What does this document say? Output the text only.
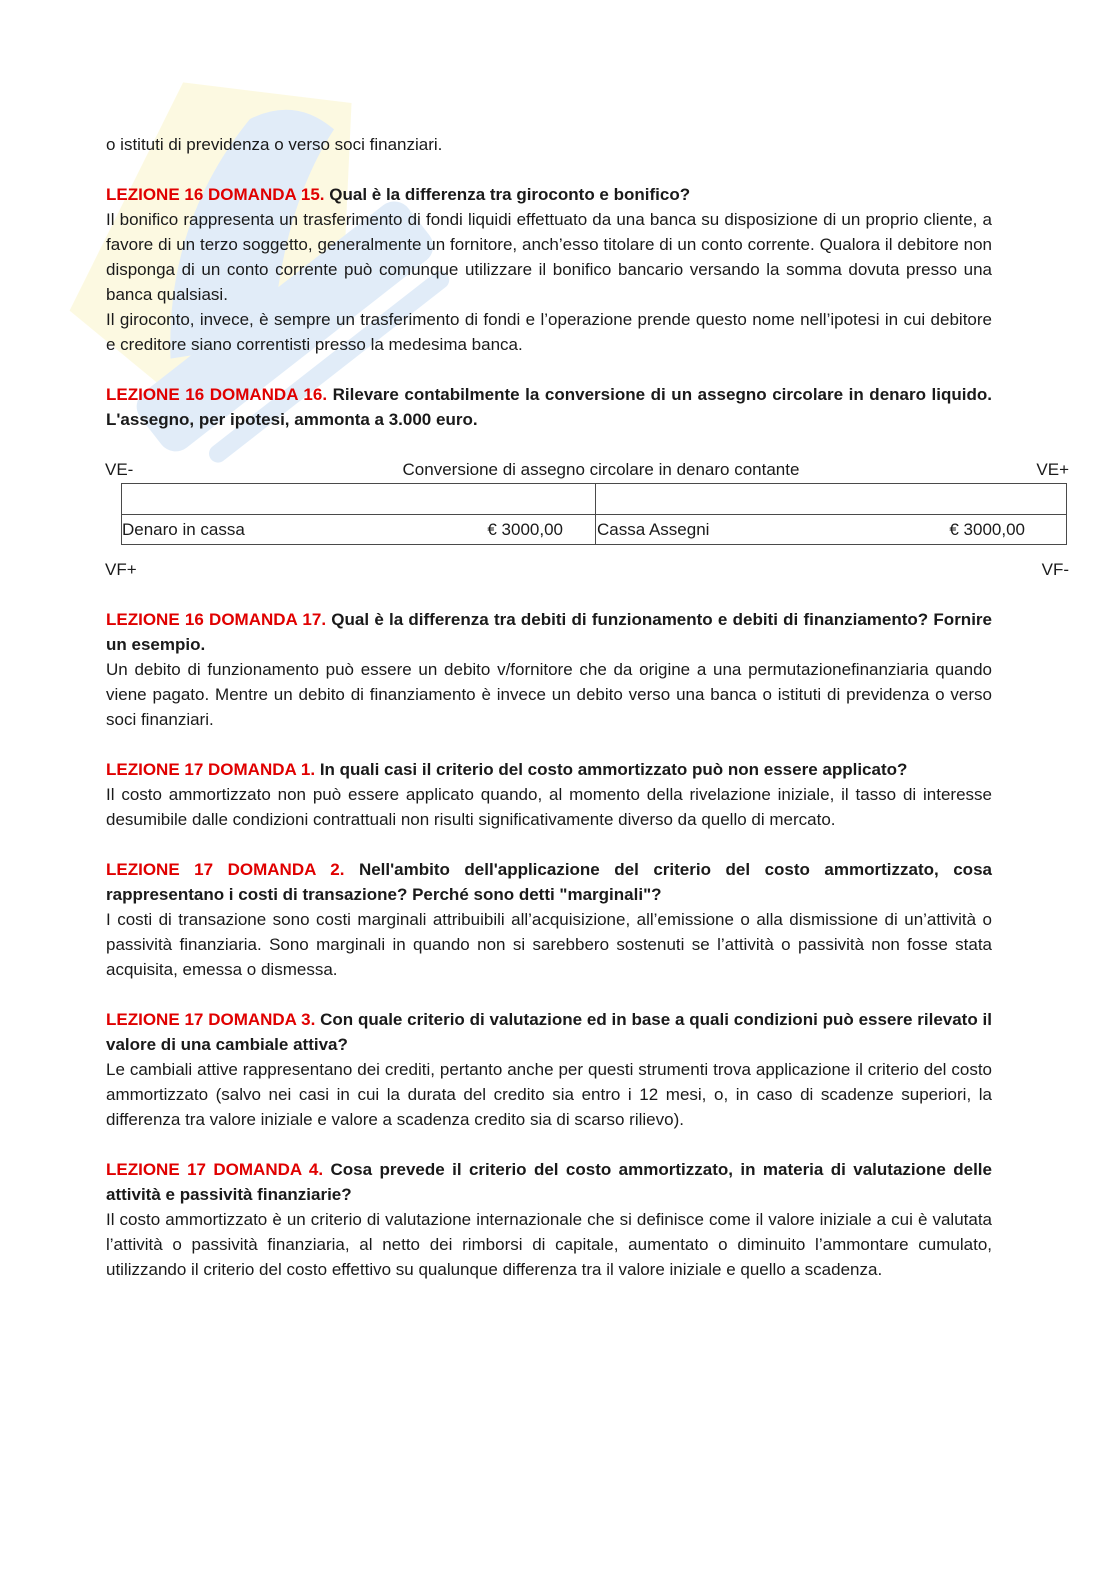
o istituti di previdenza o verso soci finanziari.

LEZIONE 16 DOMANDA 15. Qual è la differenza tra giroconto e bonifico?

Il bonifico rappresenta un trasferimento di fondi liquidi effettuato da una banca su disposizione di un proprio cliente, a favore di un terzo soggetto, generalmente un fornitore, anch’esso titolare di un conto corrente. Qualora il debitore non disponga di un conto corrente può comunque utilizzare il bonifico bancario versando la somma dovuta presso una banca qualsiasi.

Il giroconto, invece, è sempre un trasferimento di fondi e l’operazione prende questo nome nell’ipotesi in cui debitore e creditore siano correntisti presso la medesima banca.

LEZIONE 16 DOMANDA 16. Rilevare contabilmente la conversione di un assegno circolare in denaro liquido. L'assegno, per ipotesi, ammonta a 3.000 euro.

VE-	Conversione di assegno circolare in denaro contante	VE+
Denaro in cassa	€ 3000,00 Cassa Assegni	€ 3000,00
VF+	VF-

LEZIONE 16 DOMANDA 17. Qual è la differenza tra debiti di funzionamento e debiti di finanziamento? Fornire un esempio.

Un debito di funzionamento può essere un debito v/fornitore che da origine a una permutazionefinanziaria quando viene pagato. Mentre un debito di finanziamento è invece un debito verso una banca o istituti di previdenza o verso soci finanziari.

LEZIONE 17 DOMANDA 1. In quali casi il criterio del costo ammortizzato può non essere applicato?

Il costo ammortizzato non può essere applicato quando, al momento della rivelazione iniziale, il tasso di interesse desumibile dalle condizioni contrattuali non risulti significativamente diverso da quello di mercato.

LEZIONE 17 DOMANDA 2. Nell'ambito dell'applicazione del criterio del costo ammortizzato, cosa rappresentano i costi di transazione? Perché sono detti "marginali"?

I costi di transazione sono costi marginali attribuibili all’acquisizione, all’emissione o alla dismissione di un’attività o passività finanziaria. Sono marginali in quando non si sarebbero sostenuti se l’attività o passività non fosse stata acquisita, emessa o dismessa.

LEZIONE 17 DOMANDA 3. Con quale criterio di valutazione ed in base a quali condizioni può essere rilevato il valore di una cambiale attiva?

Le cambiali attive rappresentano dei crediti, pertanto anche per questi strumenti trova applicazione il criterio del costo ammortizzato (salvo nei casi in cui la durata del credito sia entro i 12 mesi, o, in caso di scadenze superiori, la differenza tra valore iniziale e valore a scadenza credito sia di scarso rilievo).

LEZIONE 17 DOMANDA 4. Cosa prevede il criterio del costo ammortizzato, in materia di valutazione delle attività e passività finanziarie?

Il costo ammortizzato è un criterio di valutazione internazionale che si definisce come il valore iniziale a cui è valutata l’attività o passività finanziaria, al netto dei rimborsi di capitale, aumentato o diminuito l’ammontare cumulato, utilizzando il criterio del costo effettivo su qualunque differenza tra il valore iniziale e quello a scadenza.
